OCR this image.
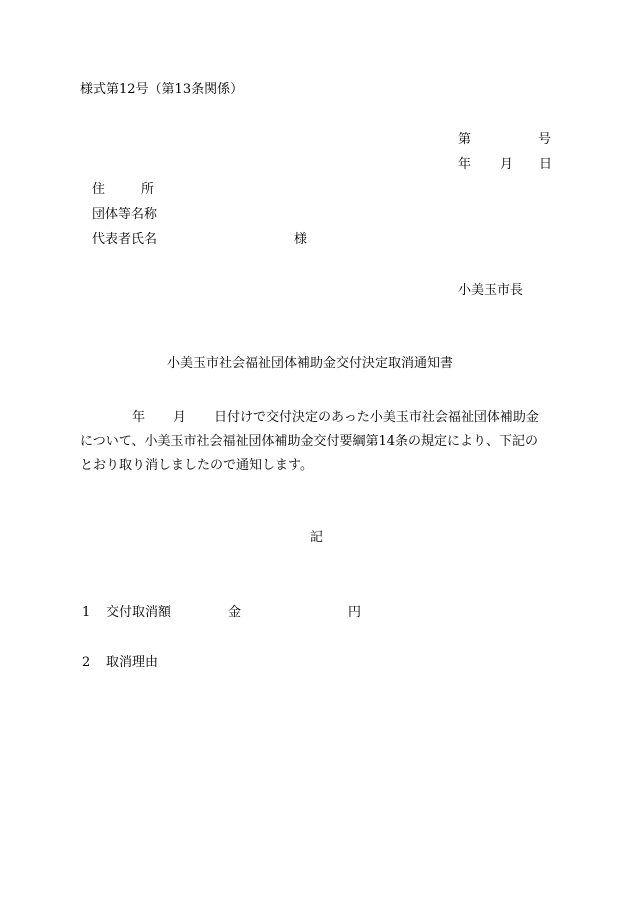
様式第12号（第13条関係）
第	号
年 月 日
住	所
団体等名称
代表者氏名	様
小美玉市長
小美玉市社会福祉団体補助金交付決定取消通知書
年 月 日付けで交付決定のあった小美玉市社会福祉団体補助金
について、小美玉市社会福祉団体補助金交付要綱第14条の規定により、下記の
とおり取り消しましたので通知します。
記
1 交付取消額	金	円
2 取消理由
